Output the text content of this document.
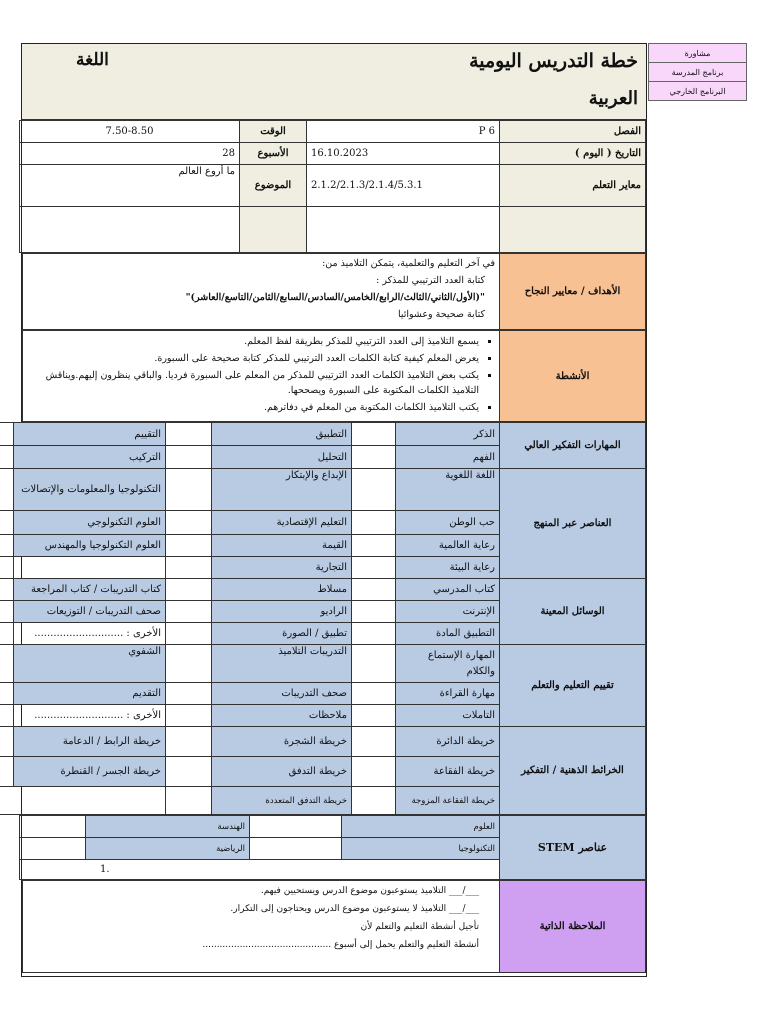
مشاورة
برنامج المدرسة
البرنامج الخارجي
خطة التدريس اليومية
اللغة
العربية
الفصل	P 6	الوقت	7.50-8.50
التاريخ ( اليوم )	16.10.2023	الأسبوع	28
معاير التعلم	2.1.2/2.1.3/2.1.4/5.3.1	الموضوع	ما أروع العالم

الأهداف / معايير النجاح	
في آخر التعليم والتعلمية، يتمكن التلاميذ من:
كتابة العدد الترتيبي للمذكر :
"(الأول/الثاني/الثالث/الرابع/الخامس/السادس/السابع/الثامن/التاسع/العاشر)"
كتابة صحيحة وعشوائيا
الأنشطة	
▪ يسمع التلاميذ إلى العدد الترتيبي للمذكر بطريقة لفظ المعلم.
▪ يعرض المعلم كيفية كتابة الكلمات العدد الترتيبي للمذكر كتابة صحيحة على السبورة.
▪ يكتب بعض التلاميذ الكلمات العدد الترتيبي للمذكر من المعلم على السبورة فرديا. والباقي ينظرون إليهم.ويناقش التلاميذ الكلمات المكتوبة على السبورة ويصححها.
▪ يكتب التلاميذ الكلمات المكتوبة من المعلم في دفاترهم.
المهارات التفكير العالي	الذكر		التطبيق		التقييم	
	الفهم		التحليل		التركيب	
العناصر عبر المنهج	اللغة اللغوية		الإبداع والإبتكار		التكنولوجيا والمعلومات والإتصالات	
	حب الوطن		التعليم الإقتصادية		العلوم التكنولوجي	
	رعاية العالمية		القيمة		العلوم التكنولوجيا والمهندس	
	رعاية البيئة		التجارية			
الوسائل المعينة	كتاب المدرسي		مسلاط		كتاب التدريبات / كتاب المراجعة	
	الإنترنت		الراديو		صحف التدريبات / التوزيعات	
	التطبيق المادة		تطبيق / الصورة		الأخرى : ............................	
تقييم التعليم والتعلم	المهارة الإستماع والكلام		التدريبات التلاميذ		الشفوي	
	مهارة القراءة		صحف التدريبات		التقديم	
	التاملات		ملاحظات		الأخرى : ............................	
الخرائط الذهنية / التفكير	خريطة الدائرة		خريطة الشجرة		خريطة الرابط / الدعامة	
	خريطة الفقاعة		خريطة التدفق		خريطة الجسر / القنطرة	
	خريطة الفقاعة المزوجة		خريطة التدفق المتعددة			
عناصر STEM	العلوم		الهندسة	
	التكنولوجيا		الرياضية	
	1.			
الملاحظة الذاتية	
___/___ التلاميذ يستوعبون موضوع الدرس ويستحيين فيهم.
___/___ التلاميذ لا يستوعبون موضوع الدرس ويحتاجون إلى التكرار.
تأجيل أنشطة التعليم والتعلم لأن
أنشطة التعليم والتعلم يحمل إلى أسبوع .............................................
